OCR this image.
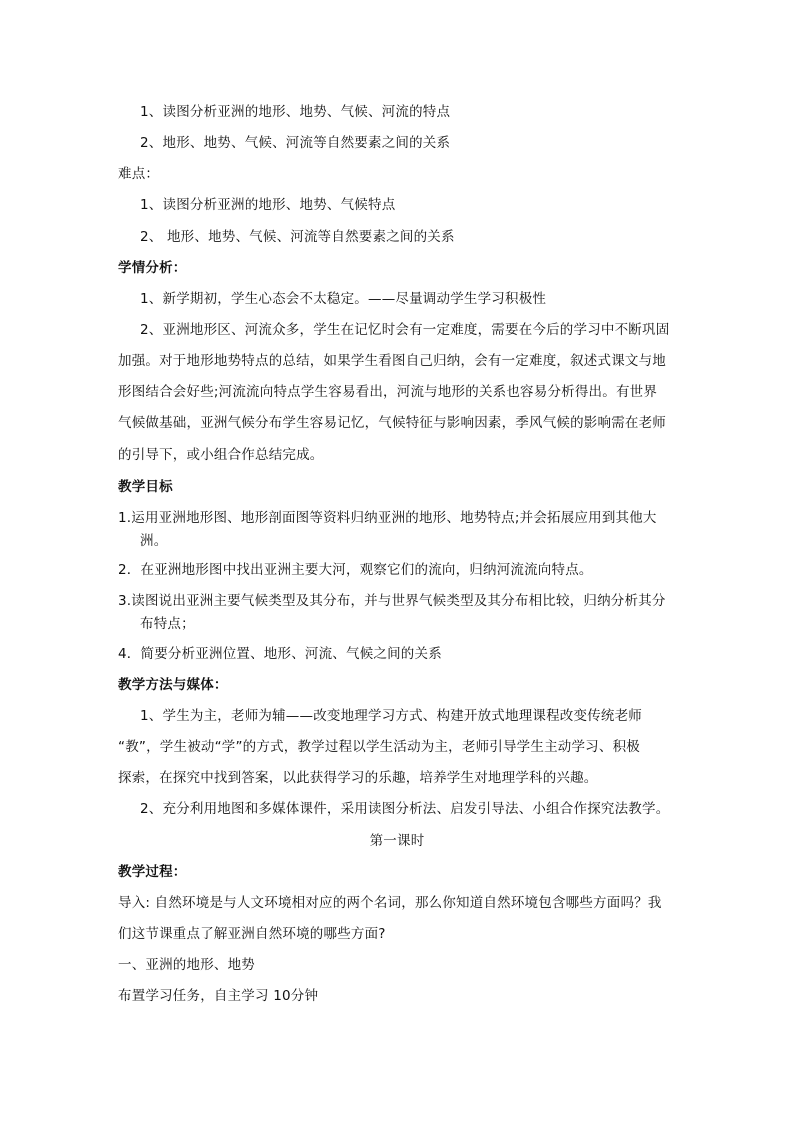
1、读图分析亚洲的地形、地势、气候、河流的特点
2、地形、地势、气候、河流等自然要素之间的关系
难点：
1、读图分析亚洲的地形、地势、气候特点
2、 地形、地势、气候、河流等自然要素之间的关系
学情分析：
1、新学期初，学生心态会不太稳定。——尽量调动学生学习积极性
2、亚洲地形区、河流众多，学生在记忆时会有一定难度，需要在今后的学习中不断巩固
加强。对于地形地势特点的总结，如果学生看图自己归纳，会有一定难度，叙述式课文与地
形图结合会好些;河流流向特点学生容易看出，河流与地形的关系也容易分析得出。有世界
气候做基础，亚洲气候分布学生容易记忆，气候特征与影响因素，季风气候的影响需在老师
的引导下，或小组合作总结完成。
教学目标
1.运用亚洲地形图、地形剖面图等资料归纳亚洲的地形、地势特点;并会拓展应用到其他大
洲。
2．在亚洲地形图中找出亚洲主要大河，观察它们的流向，归纳河流流向特点。
3.读图说出亚洲主要气候类型及其分布，并与世界气候类型及其分布相比较，归纳分析其分
布特点；
4．简要分析亚洲位置、地形、河流、气候之间的关系
教学方法与媒体：
1、学生为主，老师为辅——改变地理学习方式、构建开放式地理课程改变传统老师
“教”，学生被动“学”的方式，教学过程以学生活动为主，老师引导学生主动学习、积极
探索，在探究中找到答案，以此获得学习的乐趣，培养学生对地理学科的兴趣。
2、充分利用地图和多媒体课件，采用读图分析法、启发引导法、小组合作探究法教学。
第一课时
教学过程：
导入: 自然环境是与人文环境相对应的两个名词，那么你知道自然环境包含哪些方面吗？我
们这节课重点了解亚洲自然环境的哪些方面?
一、亚洲的地形、地势
布置学习任务，自主学习 10分钟
